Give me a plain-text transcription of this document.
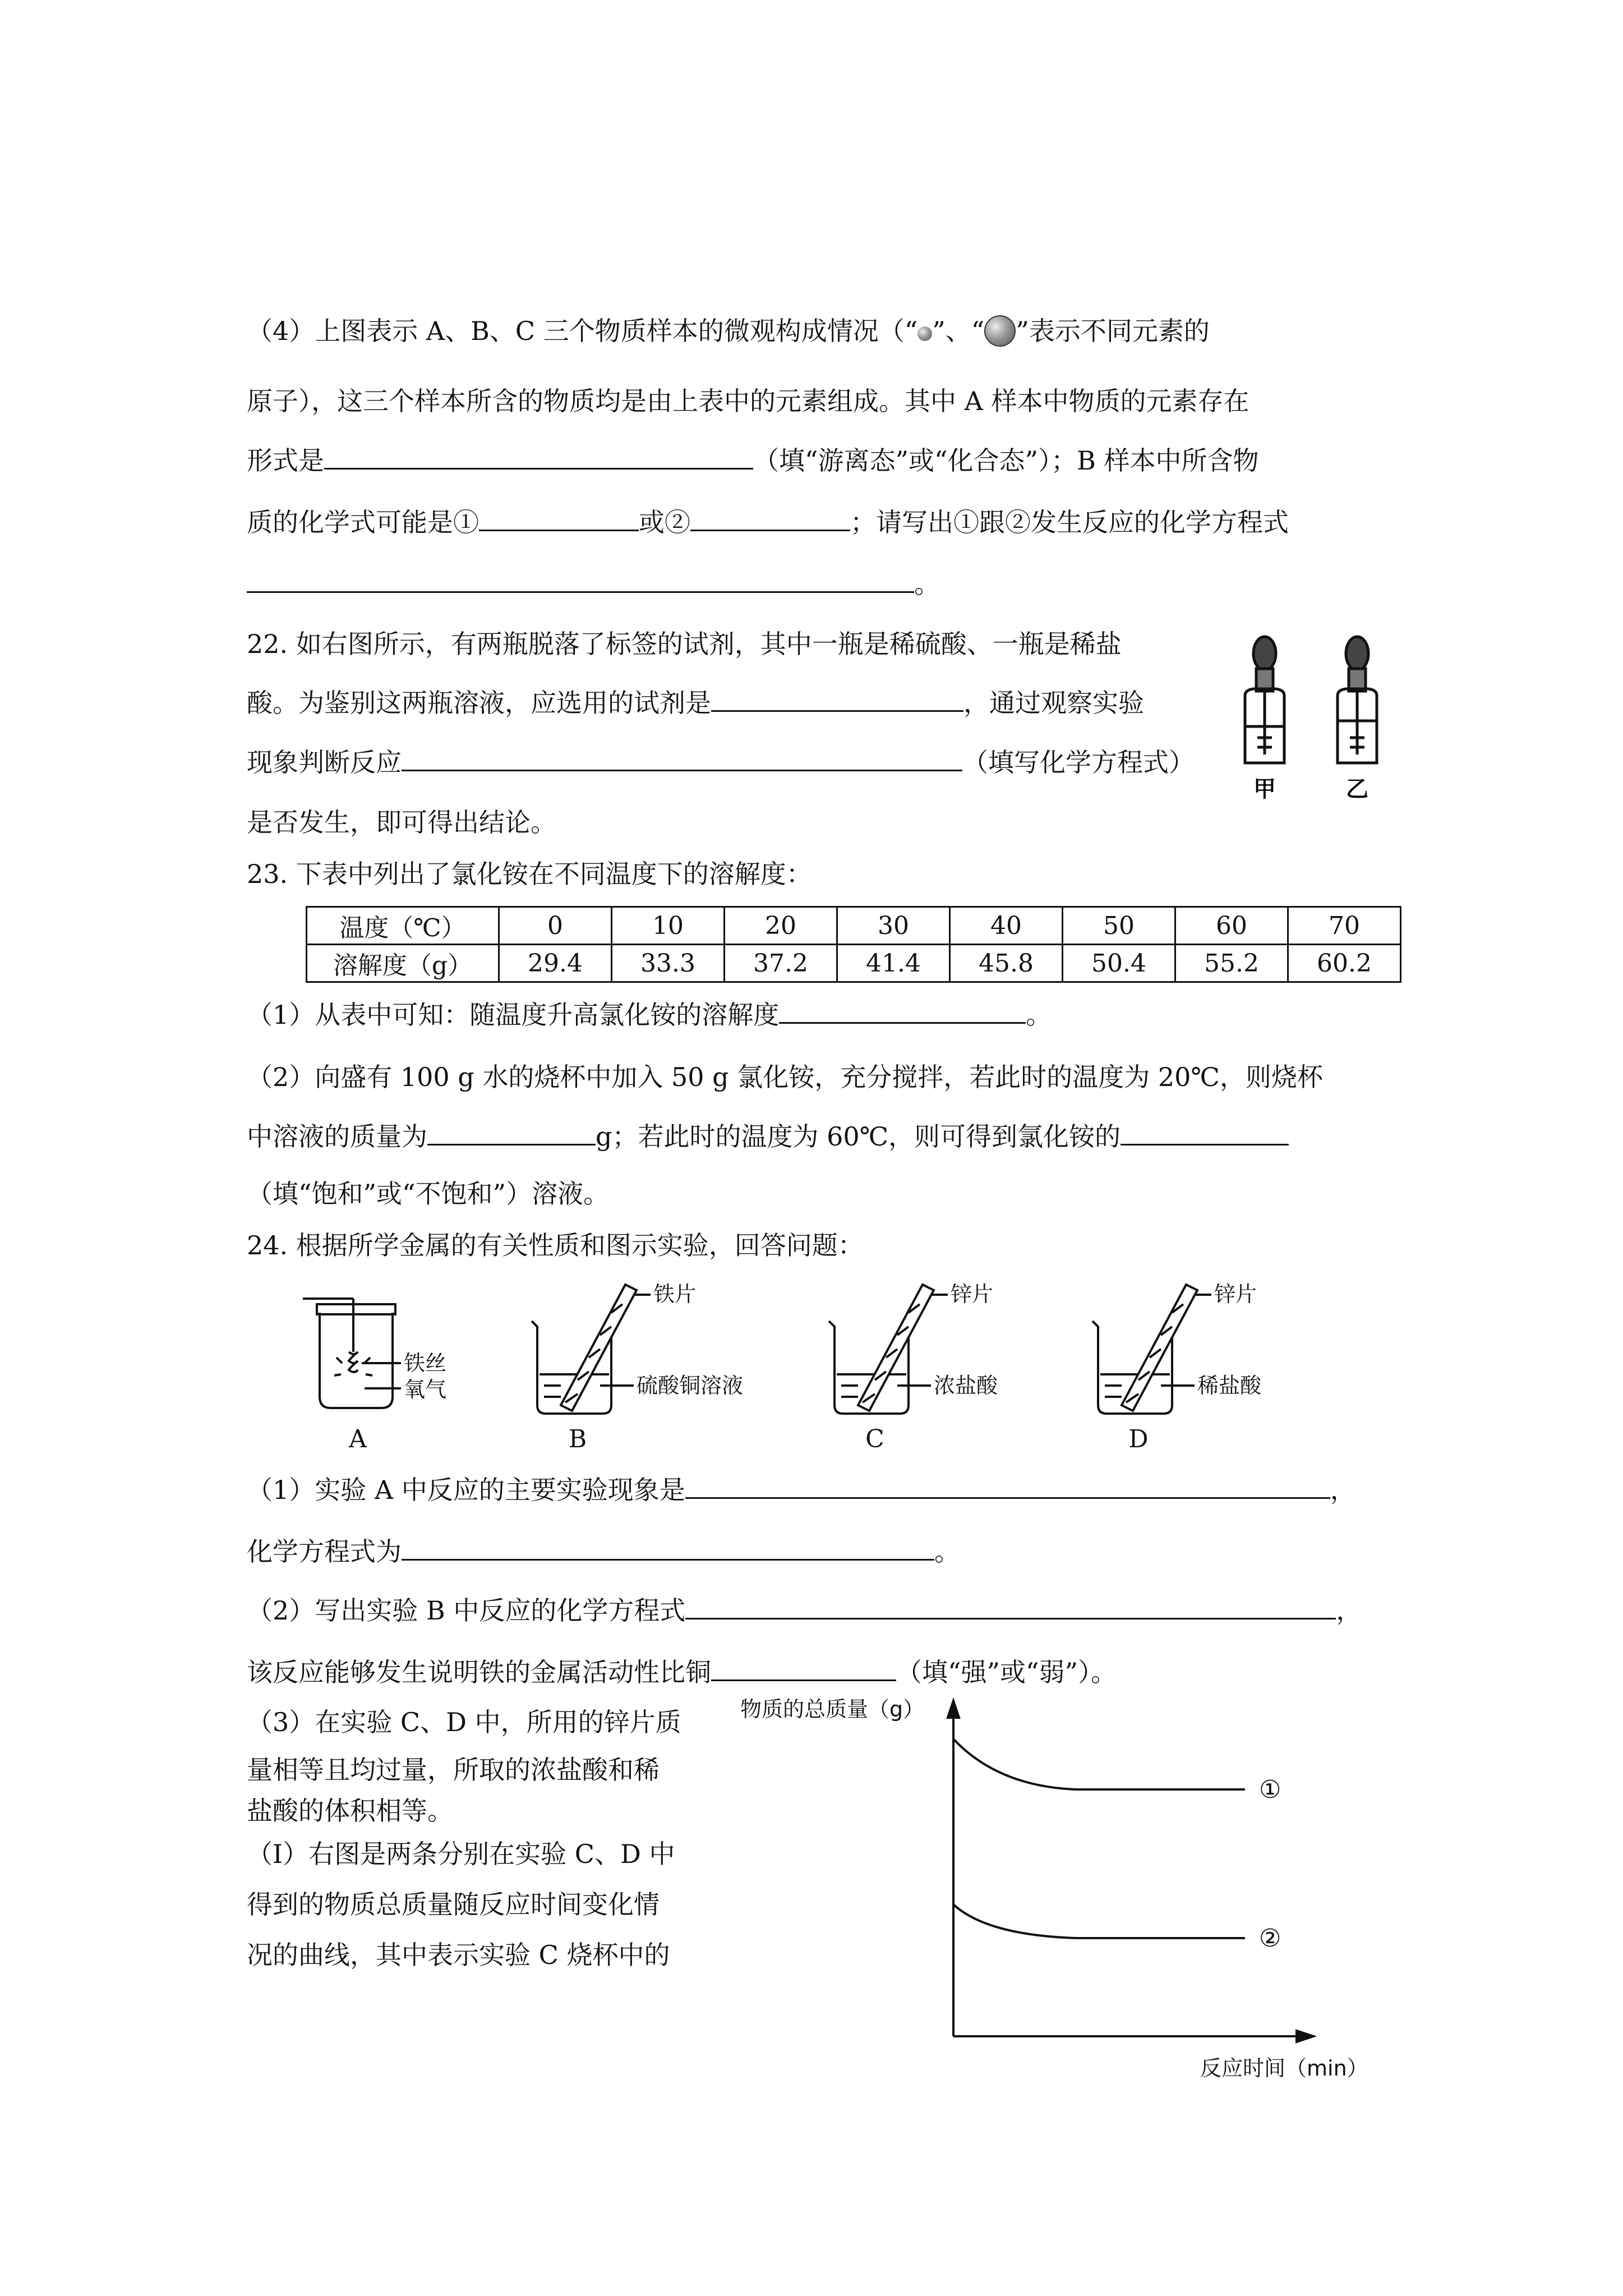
（4）上图表示 A、B、C 三个物质样本的微观构成情况（“ ”、“ ”表示不同元素的
原子），这三个样本所含的物质均是由上表中的元素组成。其中 A 样本中物质的元素存在
形式是	（填“游离态”或“化合态”）；B 样本中所含物
质的化学式可能是①	或②	；请写出①跟②发生反应的化学方程式
。
22. 如右图所示，有两瓶脱落了标签的试剂，其中一瓶是稀硫酸、一瓶是稀盐
酸。为鉴别这两瓶溶液，应选用的试剂是	，通过观察实验
现象判断反应	（填写化学方程式）
是否发生，即可得出结论。
甲	乙
23. 下表中列出了氯化铵在不同温度下的溶解度：
温度（℃）	0	10	20	30	40	50	60	70
溶解度（g）	29.4	33.3	37.2	41.4	45.8	50.4	55.2	60.2
（1）从表中可知：随温度升高氯化铵的溶解度	。
（2）向盛有 100 g 水的烧杯中加入 50 g 氯化铵，充分搅拌，若此时的温度为 20℃，则烧杯
中溶液的质量为	g；若此时的温度为 60℃，则可得到氯化铵的
（填“饱和”或“不饱和”）溶液。
24. 根据所学金属的有关性质和图示实验，回答问题：
铁丝
氧气
A
铁片
硫酸铜溶液
B
锌片
浓盐酸
C
锌片
稀盐酸
D
（1）实验 A 中反应的主要实验现象是	，
化学方程式为	。
（2）写出实验 B 中反应的化学方程式	，
该反应能够发生说明铁的金属活动性比铜	（填“强”或“弱”）。
（3）在实验 C、D 中，所用的锌片质
量相等且均过量，所取的浓盐酸和稀
盐酸的体积相等。
（Ⅰ）右图是两条分别在实验 C、D 中
得到的物质总质量随反应时间变化情
况的曲线，其中表示实验 C 烧杯中的
物质的总质量（g）
反应时间（min）
①
②
